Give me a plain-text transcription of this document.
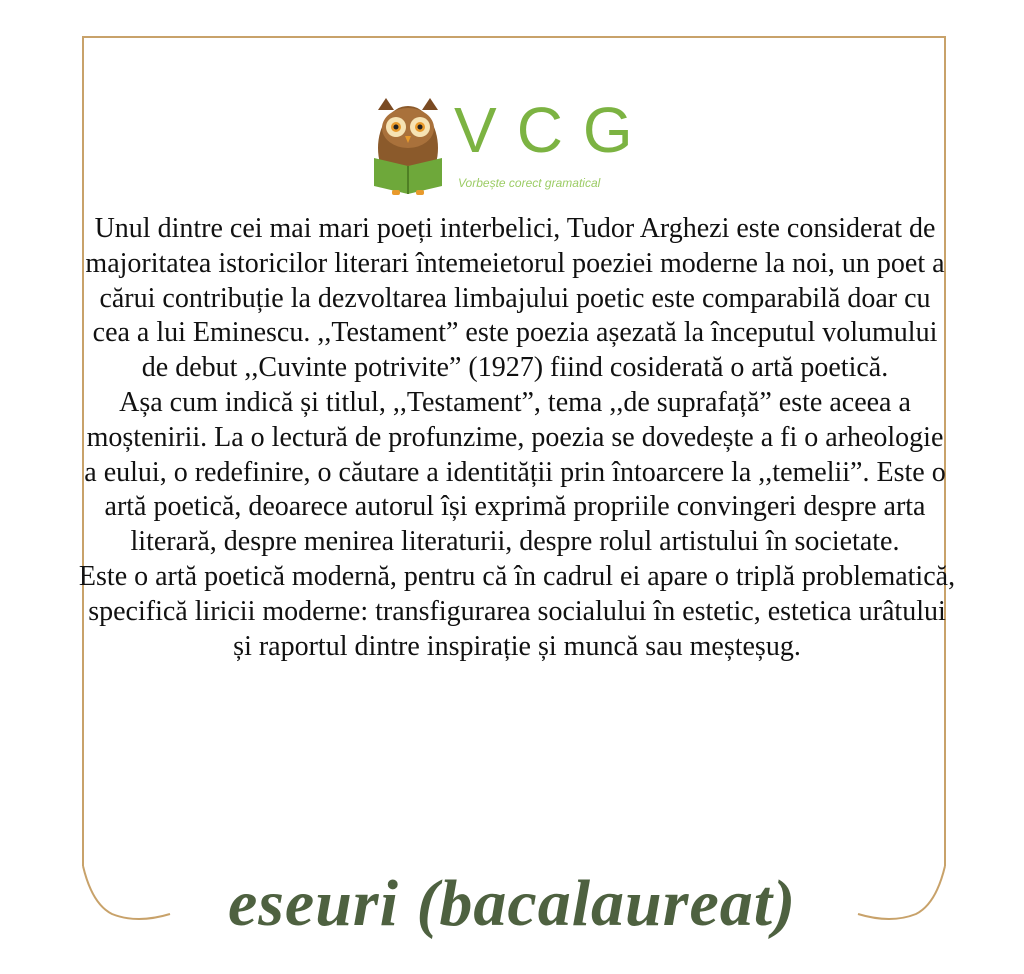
VCG
Vorbește corect gramatical

Unul dintre cei mai mari poeți interbelici, Tudor Arghezi este considerat de majoritatea istoricilor literari întemeietorul poeziei moderne la noi, un poet a cărui contribuție la dezvoltarea limbajului poetic este comparabilă doar cu cea a lui Eminescu. ,,Testament” este poezia așezată la începutul volumului de debut ,,Cuvinte potrivite” (1927) fiind cosiderată o artă poetică.

Așa cum indică și titlul, ,,Testament”, tema ,,de suprafață” este aceea a moștenirii. La o lectură de profunzime, poezia se dovedește a fi o arheologie a eului, o redefinire, o căutare a identității prin întoarcere la ,,temelii”. Este o artă poetică, deoarece autorul își exprimă propriile convingeri despre arta literară, despre menirea literaturii, despre rolul artistului în societate.

Este o artă poetică modernă, pentru că în cadrul ei apare o triplă problematică, specifică liricii moderne: transfigurarea socialului în estetic, estetica urâtului și raportul dintre inspirație și muncă sau meșteșug.

eseuri (bacalaureat)
